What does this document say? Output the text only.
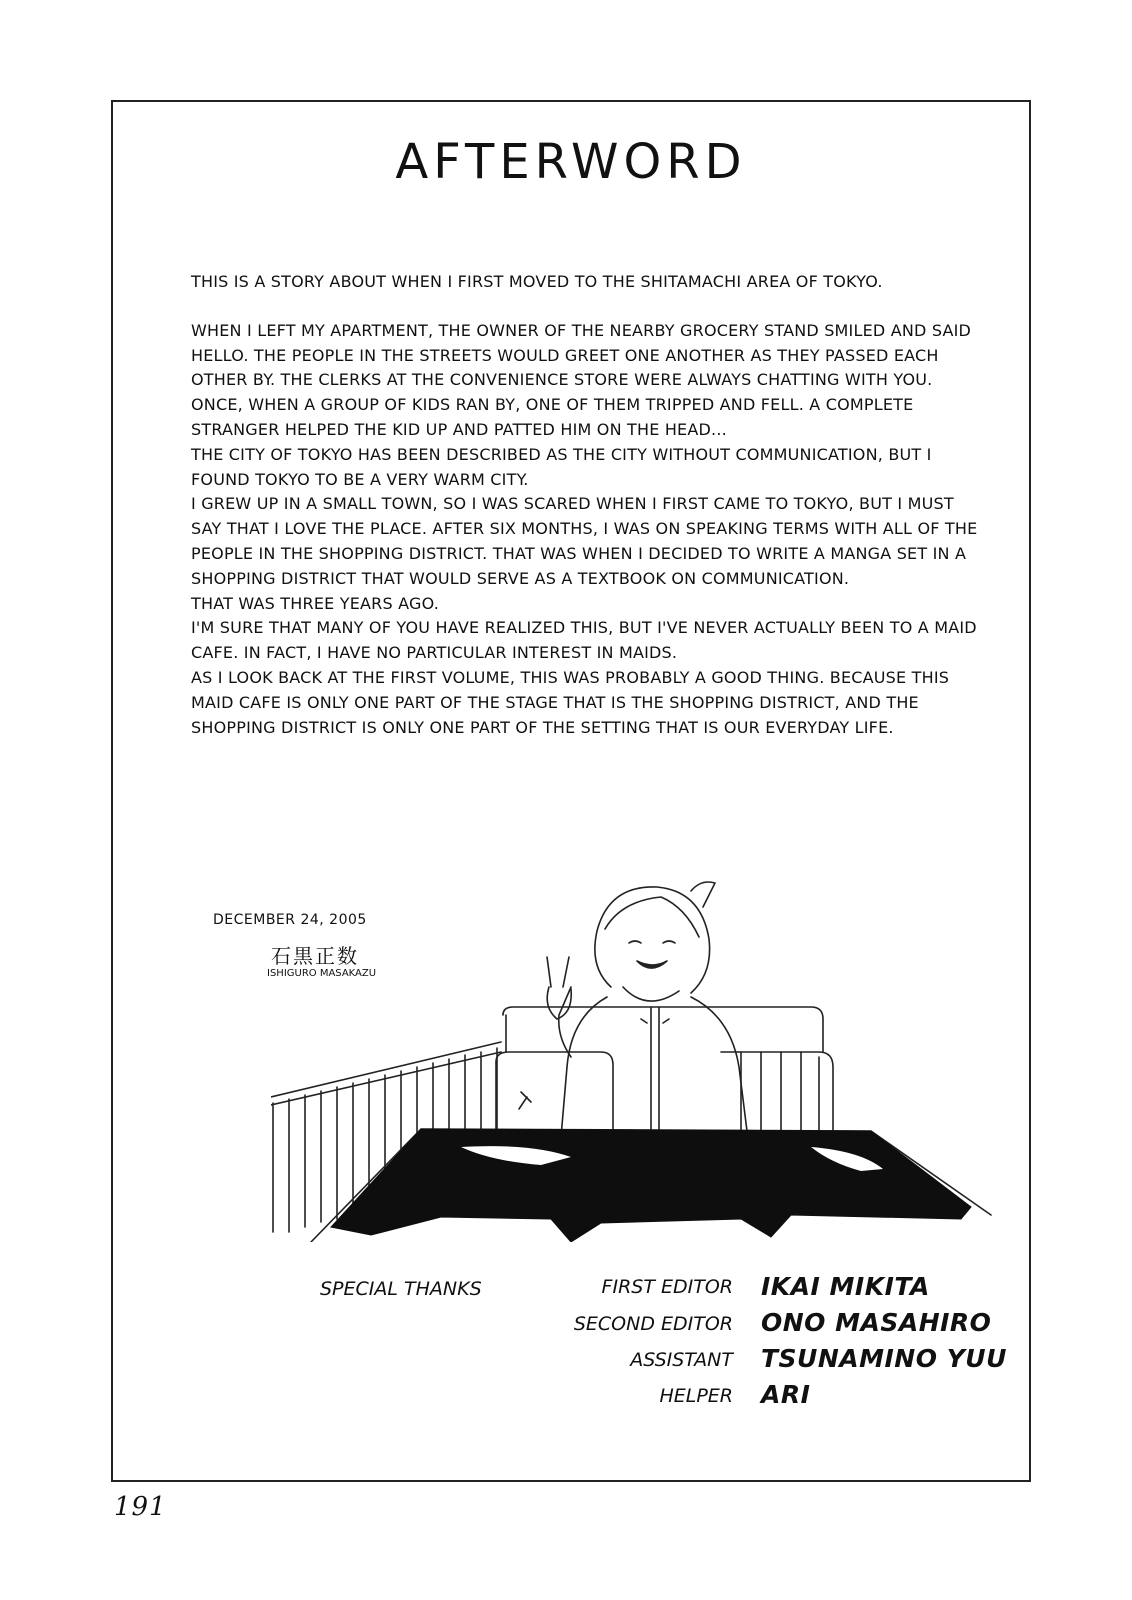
AFTERWORD

THIS IS A STORY ABOUT WHEN I FIRST MOVED TO THE SHITAMACHI AREA OF TOKYO.

WHEN I LEFT MY APARTMENT, THE OWNER OF THE NEARBY GROCERY STAND SMILED AND SAID HELLO. THE PEOPLE IN THE STREETS WOULD GREET ONE ANOTHER AS THEY PASSED EACH OTHER BY. THE CLERKS AT THE CONVENIENCE STORE WERE ALWAYS CHATTING WITH YOU.

ONCE, WHEN A GROUP OF KIDS RAN BY, ONE OF THEM TRIPPED AND FELL. A COMPLETE STRANGER HELPED THE KID UP AND PATTED HIM ON THE HEAD...

THE CITY OF TOKYO HAS BEEN DESCRIBED AS THE CITY WITHOUT COMMUNICATION, BUT I FOUND TOKYO TO BE A VERY WARM CITY.

I GREW UP IN A SMALL TOWN, SO I WAS SCARED WHEN I FIRST CAME TO TOKYO, BUT I MUST SAY THAT I LOVE THE PLACE. AFTER SIX MONTHS, I WAS ON SPEAKING TERMS WITH ALL OF THE PEOPLE IN THE SHOPPING DISTRICT. THAT WAS WHEN I DECIDED TO WRITE A MANGA SET IN A SHOPPING DISTRICT THAT WOULD SERVE AS A TEXTBOOK ON COMMUNICATION.

THAT WAS THREE YEARS AGO.

I'M SURE THAT MANY OF YOU HAVE REALIZED THIS, BUT I'VE NEVER ACTUALLY BEEN TO A MAID CAFE. IN FACT, I HAVE NO PARTICULAR INTEREST IN MAIDS.

AS I LOOK BACK AT THE FIRST VOLUME, THIS WAS PROBABLY A GOOD THING. BECAUSE THIS MAID CAFE IS ONLY ONE PART OF THE STAGE THAT IS THE SHOPPING DISTRICT, AND THE SHOPPING DISTRICT IS ONLY ONE PART OF THE SETTING THAT IS OUR EVERYDAY LIFE.

DECEMBER 24, 2005
石黒正数
ISHIGURO MASAKAZU
SPECIAL THANKS	FIRST EDITOR IKAI MIKITA
SECOND EDITOR ONO MASAHIRO
ASSISTANT TSUNAMINO YUU
HELPER ARI
191
